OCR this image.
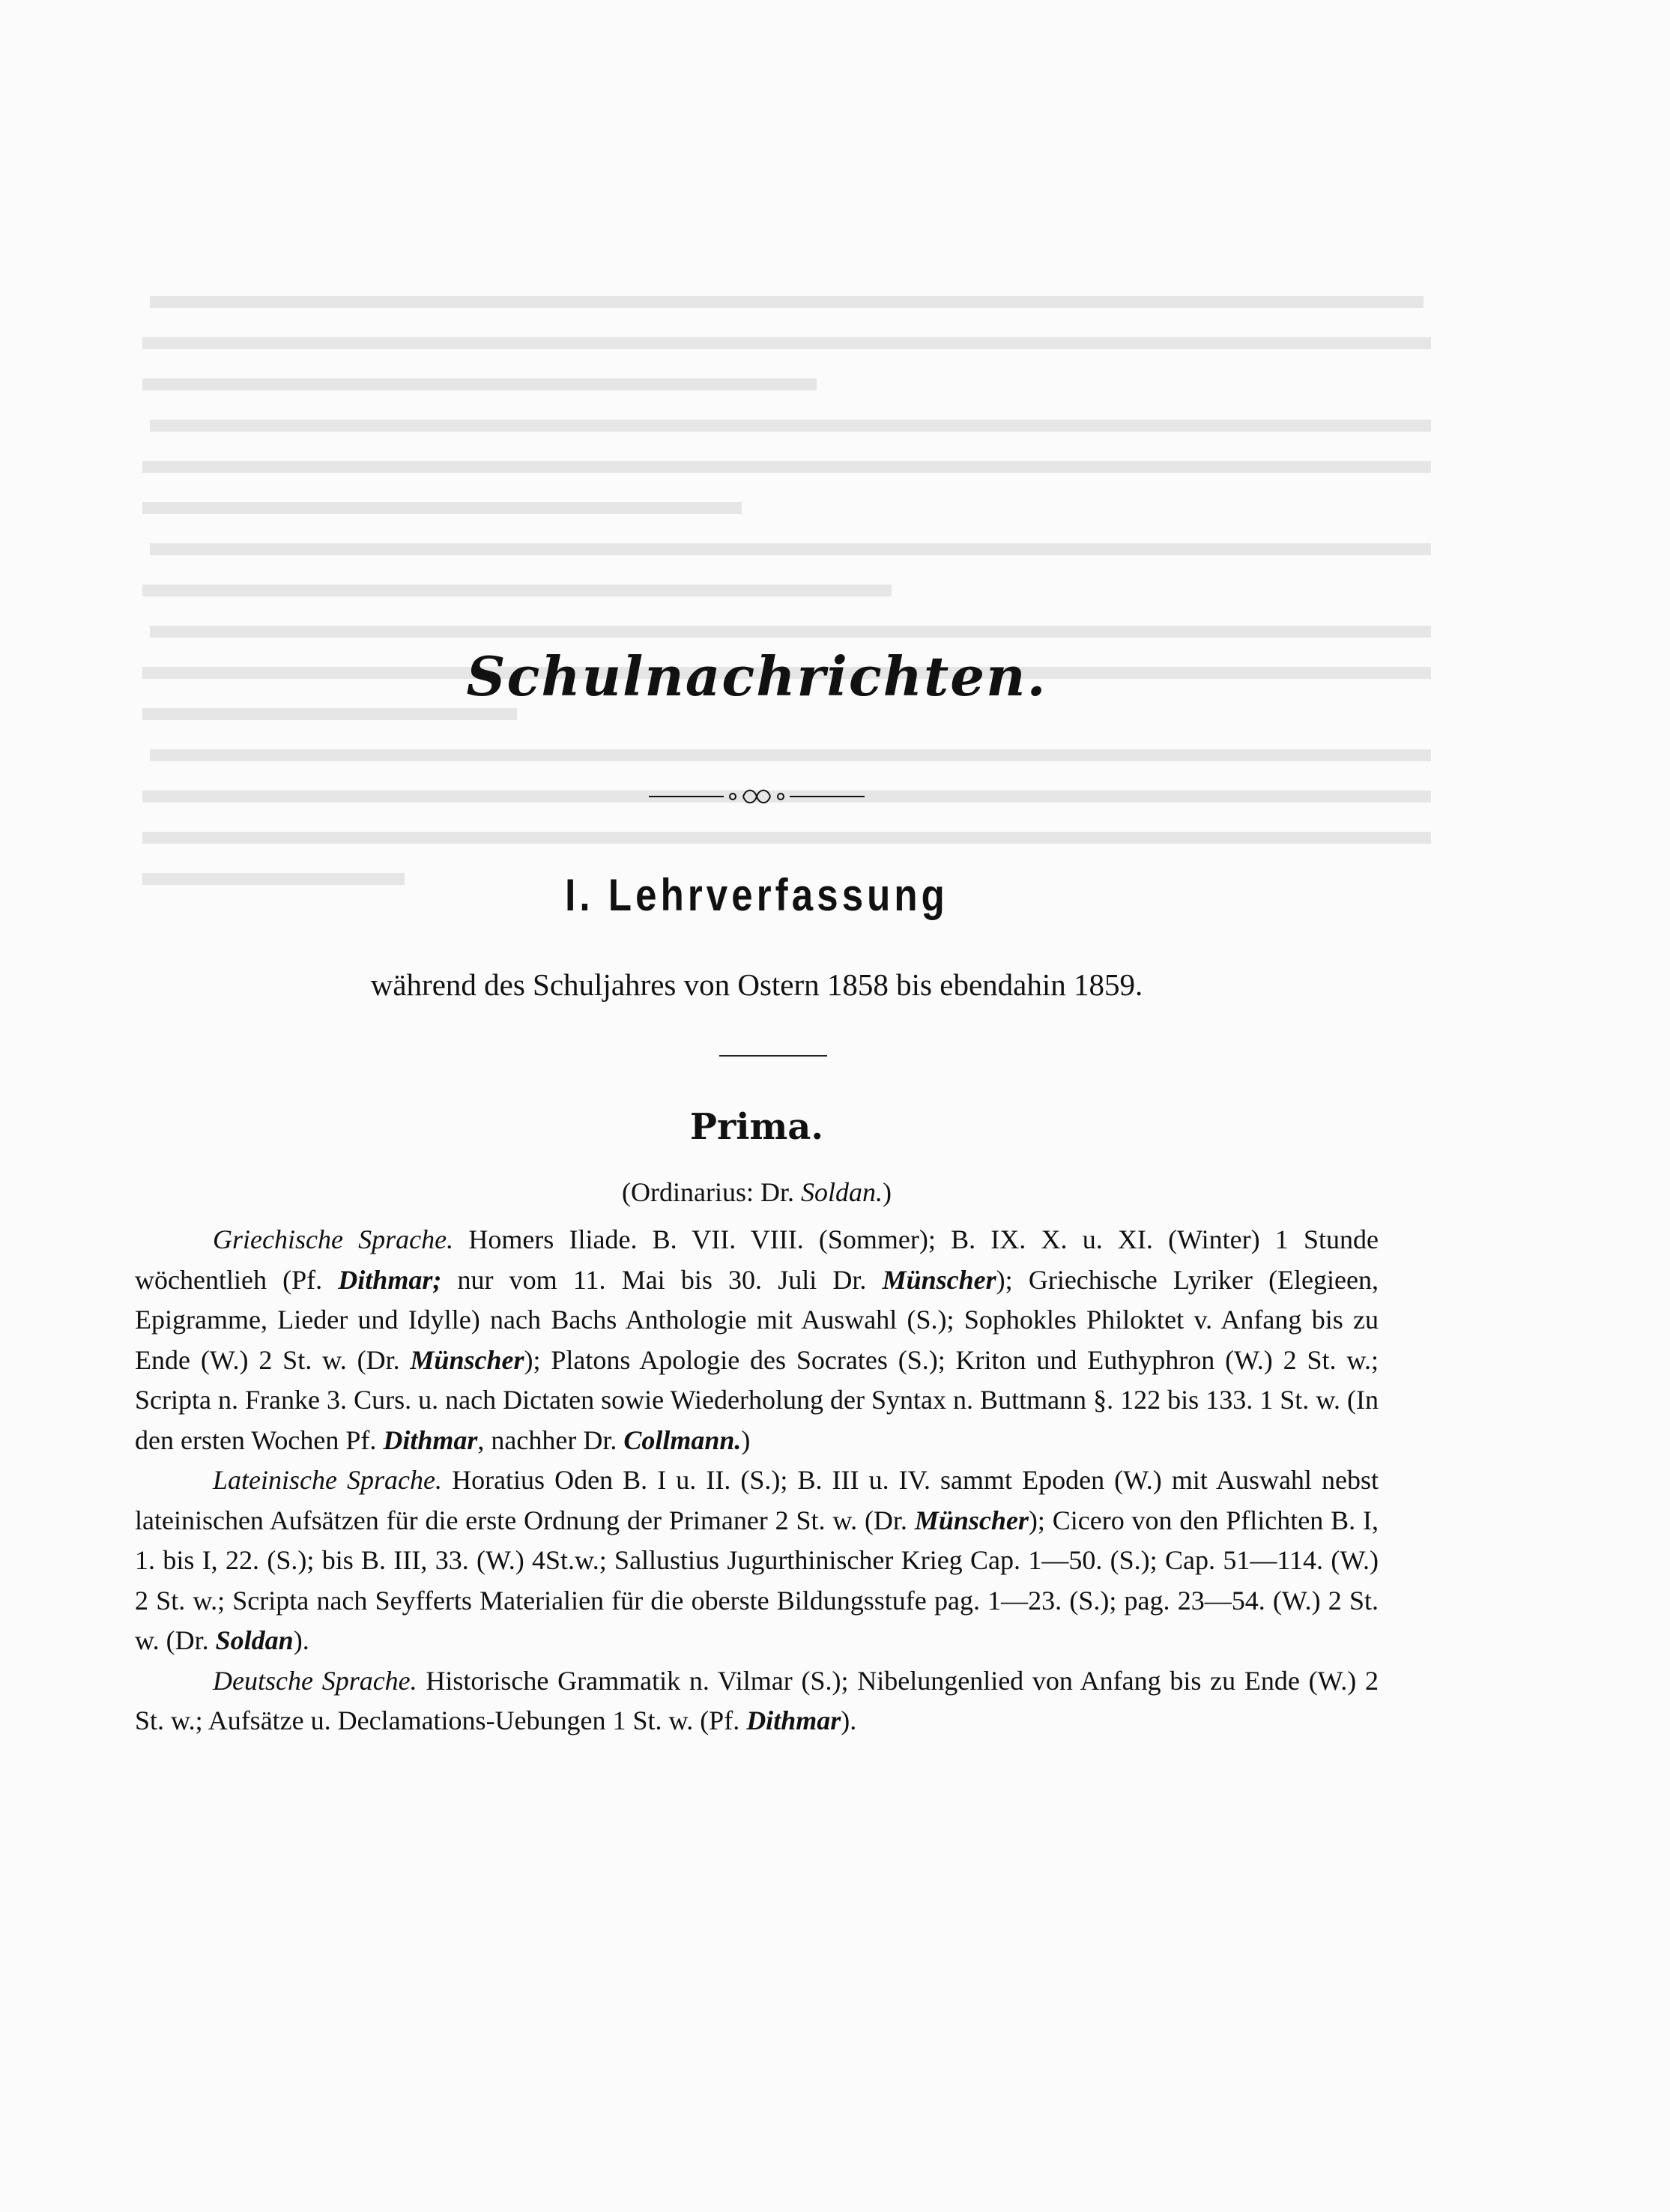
Schulnachrichten.
I. Lehrverfassung
während des Schuljahres von Ostern 1858 bis ebendahin 1859.
Prima.
(Ordinarius: Dr. Soldan.)

Griechische Sprache. Homers Iliade. B. VII. VIII. (Sommer); B. IX. X. u. XI. (Winter) 1 Stunde wöchentlieh (Pf. Dithmar; nur vom 11. Mai bis 30. Juli Dr. Münscher); Griechische Lyriker (Elegieen, Epigramme, Lieder und Idylle) nach Bachs Anthologie mit Auswahl (S.); Sophokles Philoktet v. Anfang bis zu Ende (W.) 2 St. w. (Dr. Münscher); Platons Apologie des Socrates (S.); Kriton und Euthyphron (W.) 2 St. w.; Scripta n. Franke 3. Curs. u. nach Dictaten sowie Wiederholung der Syntax n. Buttmann §. 122 bis 133. 1 St. w. (In den ersten Wochen Pf. Dithmar, nachher Dr. Collmann.)

Lateinische Sprache. Horatius Oden B. I u. II. (S.); B. III u. IV. sammt Epoden (W.) mit Auswahl nebst lateinischen Aufsätzen für die erste Ordnung der Primaner 2 St. w. (Dr. Münscher); Cicero von den Pflichten B. I, 1. bis I, 22. (S.); bis B. III, 33. (W.) 4St.w.; Sallustius Jugurthinischer Krieg Cap. 1—50. (S.); Cap. 51—114. (W.) 2 St. w.; Scripta nach Seyfferts Materialien für die oberste Bildungsstufe pag. 1—23. (S.); pag. 23—54. (W.) 2 St. w. (Dr. Soldan).

Deutsche Sprache. Historische Grammatik n. Vilmar (S.); Nibelungenlied von Anfang bis zu Ende (W.) 2 St. w.; Aufsätze u. Declamations-Uebungen 1 St. w. (Pf. Dithmar).
